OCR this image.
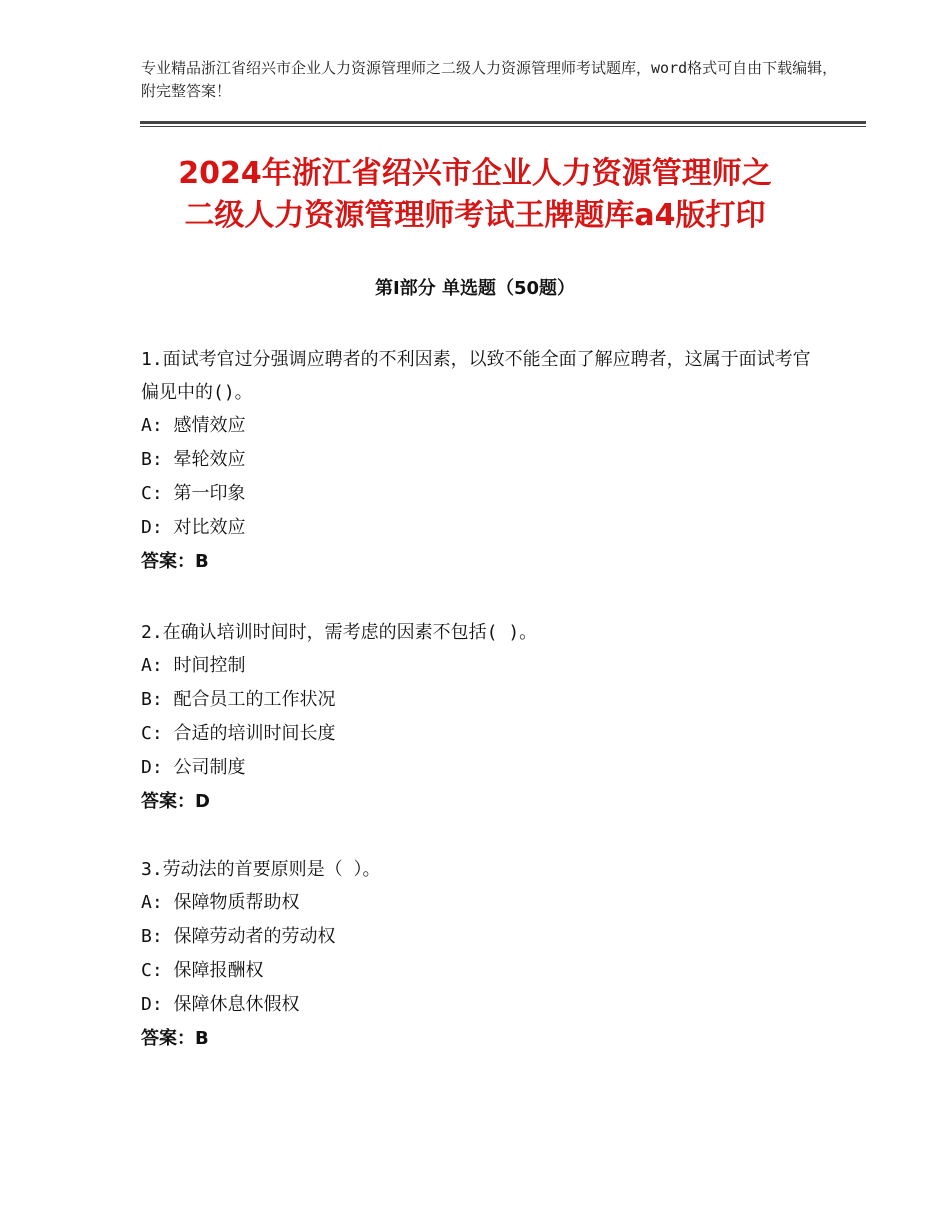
专业精品浙江省绍兴市企业人力资源管理师之二级人力资源管理师考试题库，word格式可自由下载编辑，附完整答案！
2024年浙江省绍兴市企业人力资源管理师之
二级人力资源管理师考试王牌题库a4版打印
第Ⅰ部分 单选题（50题）

1.面试考官过分强调应聘者的不利因素，以致不能全面了解应聘者，这属于面试考官偏见中的()。

A: 感情效应

B: 晕轮效应

C: 第一印象

D: 对比效应

答案：B

2.在确认培训时间时，需考虑的因素不包括( )。

A: 时间控制

B: 配合员工的工作状况

C: 合适的培训时间长度

D: 公司制度

答案：D

3.劳动法的首要原则是（ ）。

A: 保障物质帮助权

B: 保障劳动者的劳动权

C: 保障报酬权

D: 保障休息休假权

答案：B
